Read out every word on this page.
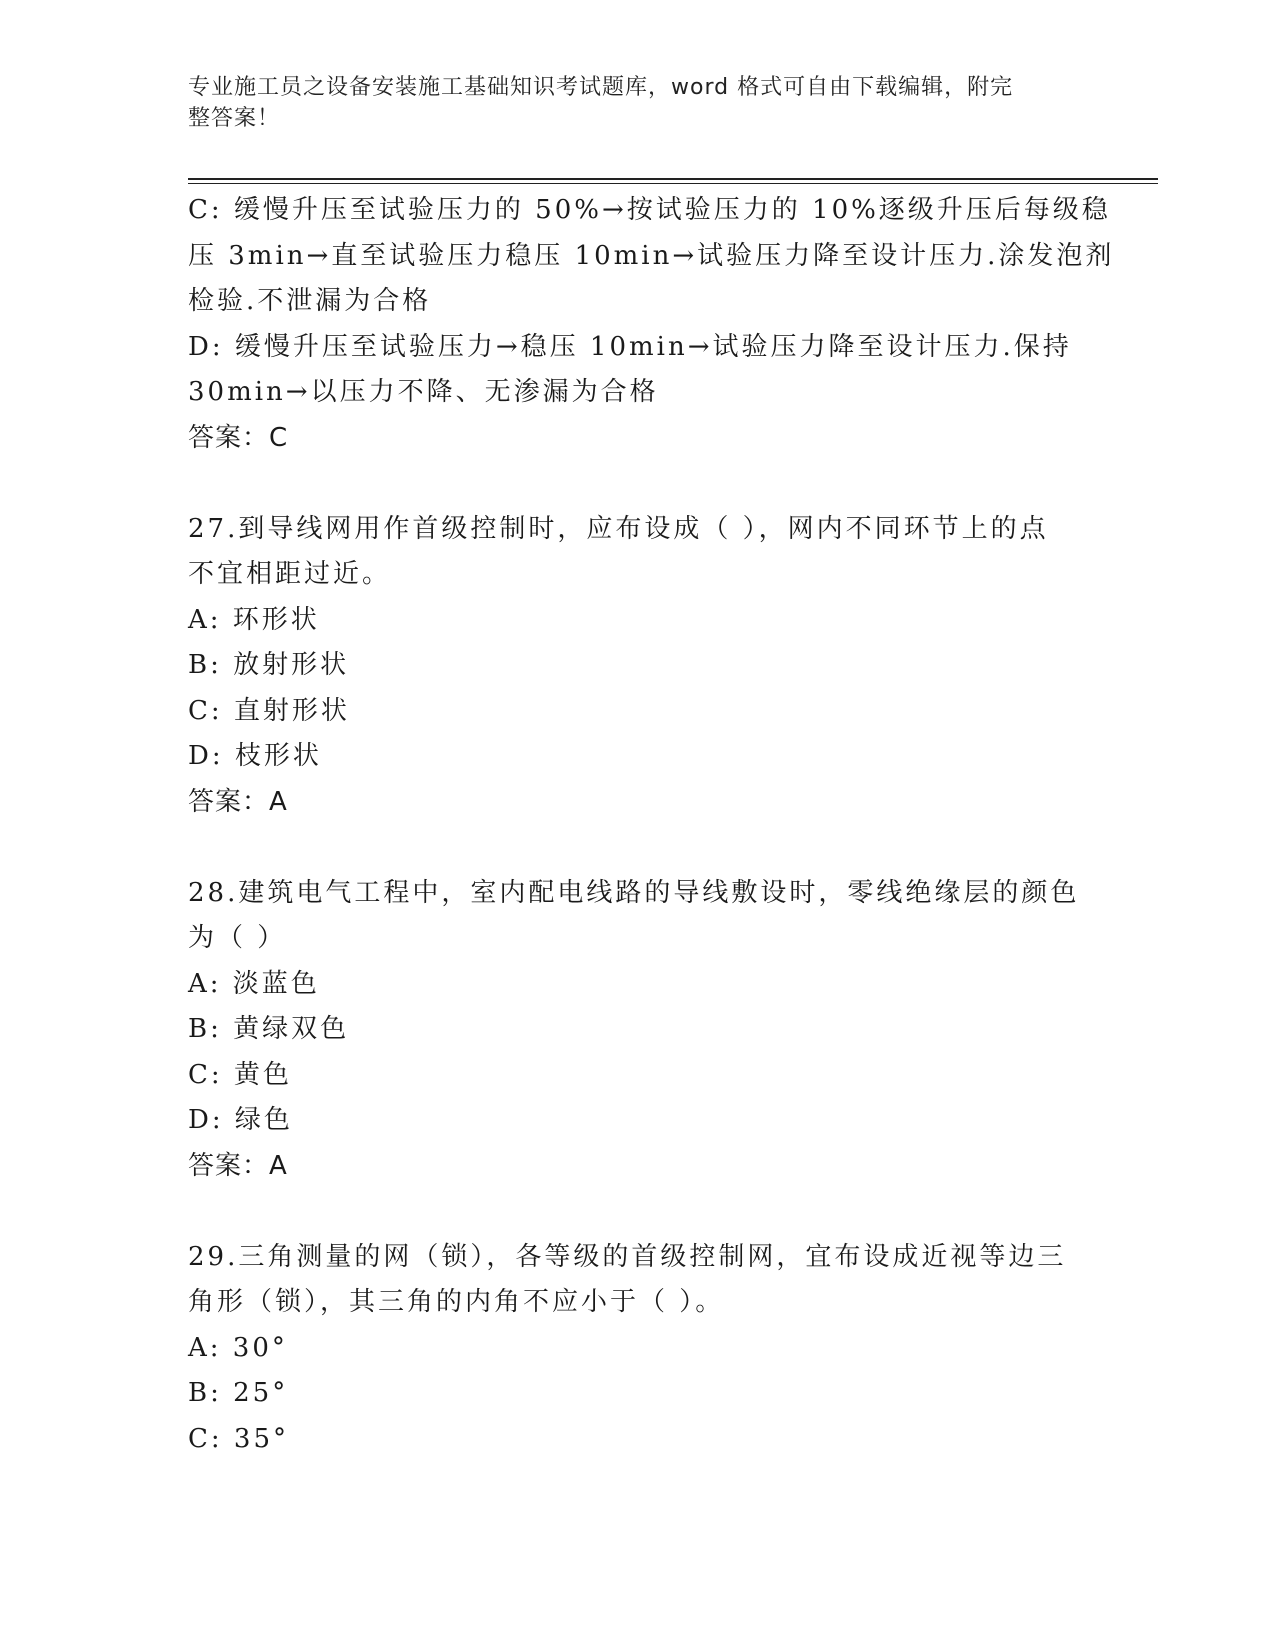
专业施工员之设备安装施工基础知识考试题库，word 格式可自由下载编辑，附完
整答案！
C: 缓慢升压至试验压力的 50%→按试验压力的 10%逐级升压后每级稳
压 3min→直至试验压力稳压 10min→试验压力降至设计压力.涂发泡剂
检验.不泄漏为合格
D: 缓慢升压至试验压力→稳压 10min→试验压力降至设计压力.保持
30min→以压力不降、无渗漏为合格
答案：C
27.到导线网用作首级控制时，应布设成（ ），网内不同环节上的点
不宜相距过近。
A: 环形状
B: 放射形状
C: 直射形状
D: 枝形状
答案：A
28.建筑电气工程中，室内配电线路的导线敷设时，零线绝缘层的颜色
为（ ）
A: 淡蓝色
B: 黄绿双色
C: 黄色
D: 绿色
答案：A
29.三角测量的网（锁），各等级的首级控制网，宜布设成近视等边三
角形（锁），其三角的内角不应小于（ ）。
A: 30°
B: 25°
C: 35°
